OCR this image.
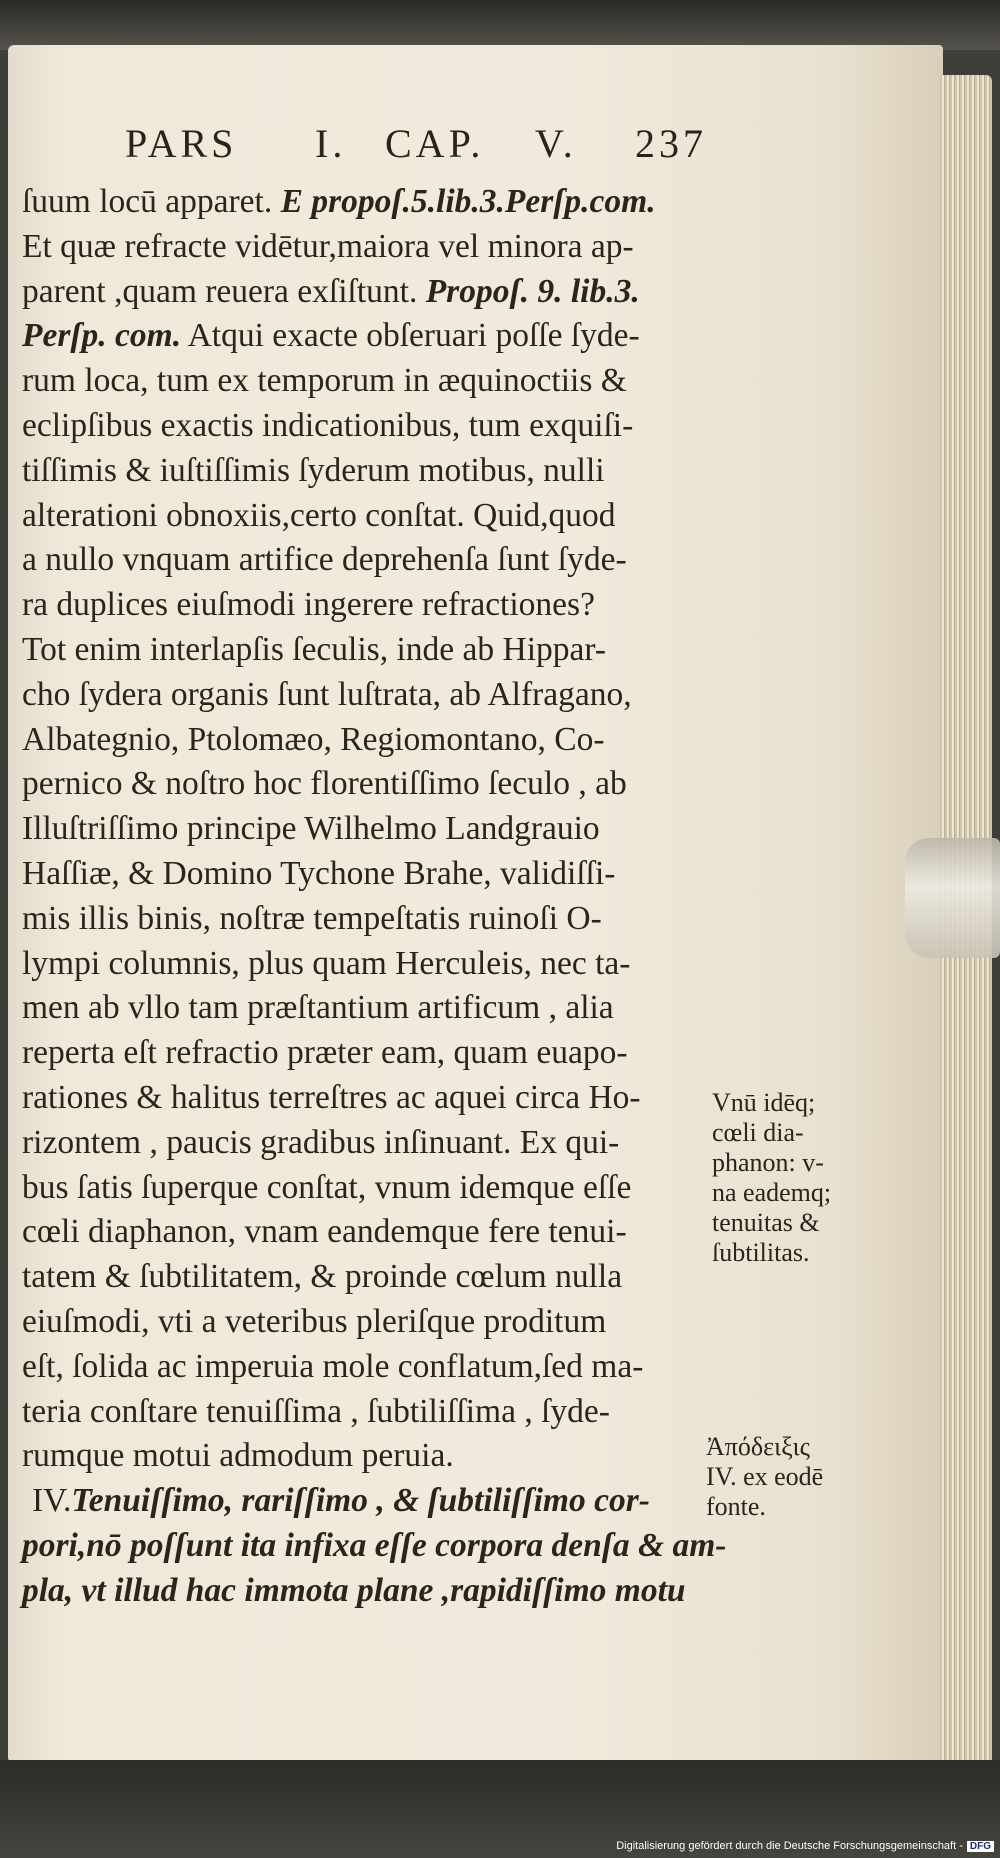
PARS I. CAP. V. 237
ſuum locū apparet. E propoſ.5.lib.3.Perſp.com.
Et quæ refracte vidētur,maiora vel minora ap-
parent ,quam reuera exſiſtunt. Propoſ. 9. lib.3.
Perſp. com. Atqui exacte obſeruari poſſe ſyde-
rum loca, tum ex temporum in æquinoctiis &
eclipſibus exactis indicationibus, tum exquiſi-
tiſſimis & iuſtiſſimis ſyderum motibus, nulli
alterationi obnoxiis,certo conſtat. Quid,quod
a nullo vnquam artifice deprehenſa ſunt ſyde-
ra duplices eiuſmodi ingerere refractiones?
Tot enim interlapſis ſeculis, inde ab Hippar-
cho ſydera organis ſunt luſtrata, ab Alfragano,
Albategnio, Ptolomæo, Regiomontano, Co-
pernico & noſtro hoc florentiſſimo ſeculo , ab
Illuſtriſſimo principe Wilhelmo Landgrauio
Haſſiæ, & Domino Tychone Brahe, validiſſi-
mis illis binis, noſtræ tempeſtatis ruinoſi O-
lympi columnis, plus quam Herculeis, nec ta-
men ab vllo tam præſtantium artificum , alia
reperta eſt refractio præter eam, quam euapo-
rationes & halitus terreſtres ac aquei circa Ho-
rizontem , paucis gradibus inſinuant. Ex qui-
bus ſatis ſuperque conſtat, vnum idemque eſſe
cœli diaphanon, vnam eandemque fere tenui-
tatem & ſubtilitatem, & proinde cœlum nulla
eiuſmodi, vti a veteribus pleriſque proditum
eſt, ſolida ac imperuia mole conflatum,ſed ma-
teria conſtare tenuiſſima , ſubtiliſſima , ſyde-
rumque motui admodum peruia.
IV.Tenuiſſimo, rariſſimo , & ſubtiliſſimo cor-
pori,nō poſſunt ita infixa eſſe corpora denſa & am-
pla, vt illud hac immota plane ,rapidiſſimo motu
Vnū idēq;
cœli dia-
phanon: v-
na eademq;
tenuitas &
ſubtilitas.
Ἀπόδειξις
IV. ex eodē
fonte.
Digitalisierung gefördert durch die Deutsche Forschungsgemeinschaft - DFG
